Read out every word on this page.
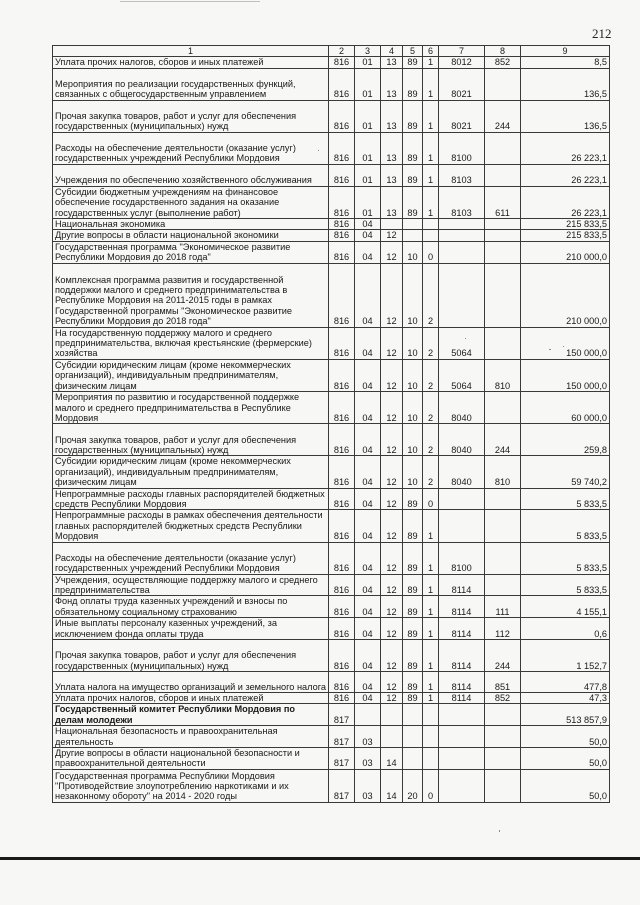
212
1	2	3	4	5	6	7	8	9
Уплата прочих налогов, сборов и иных платежей	816	01	13	89	1	8012	852	8,5
Мероприятия по реализации государственных функций, связанных с общегосударственным управлением	816	01	13	89	1	8021		136,5
Прочая закупка товаров, работ и услуг для обеспечения государственных (муниципальных) нужд	816	01	13	89	1	8021	244	136,5
Расходы на обеспечение деятельности (оказание услуг) государственных учреждений Республики Мордовия	816	01	13	89	1	8100		26 223,1
Учреждения по обеспечению хозяйственного обслуживания	816	01	13	89	1	8103		26 223,1
Субсидии бюджетным учреждениям на финансовое обеспечение государственного задания на оказание государственных услуг (выполнение работ)	816	01	13	89	1	8103	611	26 223,1
Национальная экономика	816	04						215 833,5
Другие вопросы в области национальной экономики	816	04	12					215 833,5
Государственная программа "Экономическое развитие Республики Мордовия до 2018 года"	816	04	12	10	0			210 000,0
Комплексная программа развития и государственной поддержки малого и среднего предпринимательства в Республике Мордовия на 2011-2015 годы в рамках Государственной программы "Экономическое развитие Республики Мордовия до 2018 года"	816	04	12	10	2			210 000,0
На государственную поддержку малого и среднего предпринимательства, включая крестьянские (фермерские) хозяйства	816	04	12	10	2	5064		150 000,0
Субсидии юридическим лицам (кроме некоммерческих организаций), индивидуальным предпринимателям, физическим лицам	816	04	12	10	2	5064	810	150 000,0
Мероприятия по развитию и государственной поддержке малого и среднего предпринимательства в Республике Мордовия	816	04	12	10	2	8040		60 000,0
Прочая закупка товаров, работ и услуг для обеспечения государственных (муниципальных) нужд	816	04	12	10	2	8040	244	259,8
Субсидии юридическим лицам (кроме некоммерческих организаций), индивидуальным предпринимателям, физическим лицам	816	04	12	10	2	8040	810	59 740,2
Непрограммные расходы главных распорядителей бюджетных средств Республики Мордовия	816	04	12	89	0			5 833,5
Непрограммные расходы в рамках обеспечения деятельности главных распорядителей бюджетных средств Республики Мордовия	816	04	12	89	1			5 833,5
Расходы на обеспечение деятельности (оказание услуг) государственных учреждений Республики Мордовия	816	04	12	89	1	8100		5 833,5
Учреждения, осуществляющие поддержку малого и среднего предпринимательства	816	04	12	89	1	8114		5 833,5
Фонд оплаты труда казенных учреждений и взносы по обязательному социальному страхованию	816	04	12	89	1	8114	111	4 155,1
Иные выплаты персоналу казенных учреждений, за исключением фонда оплаты труда	816	04	12	89	1	8114	112	0,6
Прочая закупка товаров, работ и услуг для обеспечения государственных (муниципальных) нужд	816	04	12	89	1	8114	244	1 152,7
Уплата налога на имущество организаций и земельного налога	816	04	12	89	1	8114	851	477,8
Уплата прочих налогов, сборов и иных платежей	816	04	12	89	1	8114	852	47,3
Государственный комитет Республики Мордовия по делам молодежи	817							513 857,9
Национальная безопасность и правоохранительная деятельность	817	03						50,0
Другие вопросы в области национальной безопасности и правоохранительной деятельности	817	03	14					50,0
Государственная программа Республики Мордовия "Противодействие злоупотреблению наркотиками и их незаконному обороту" на 2014 - 2020 годы	817	03	14	20	0			50,0
